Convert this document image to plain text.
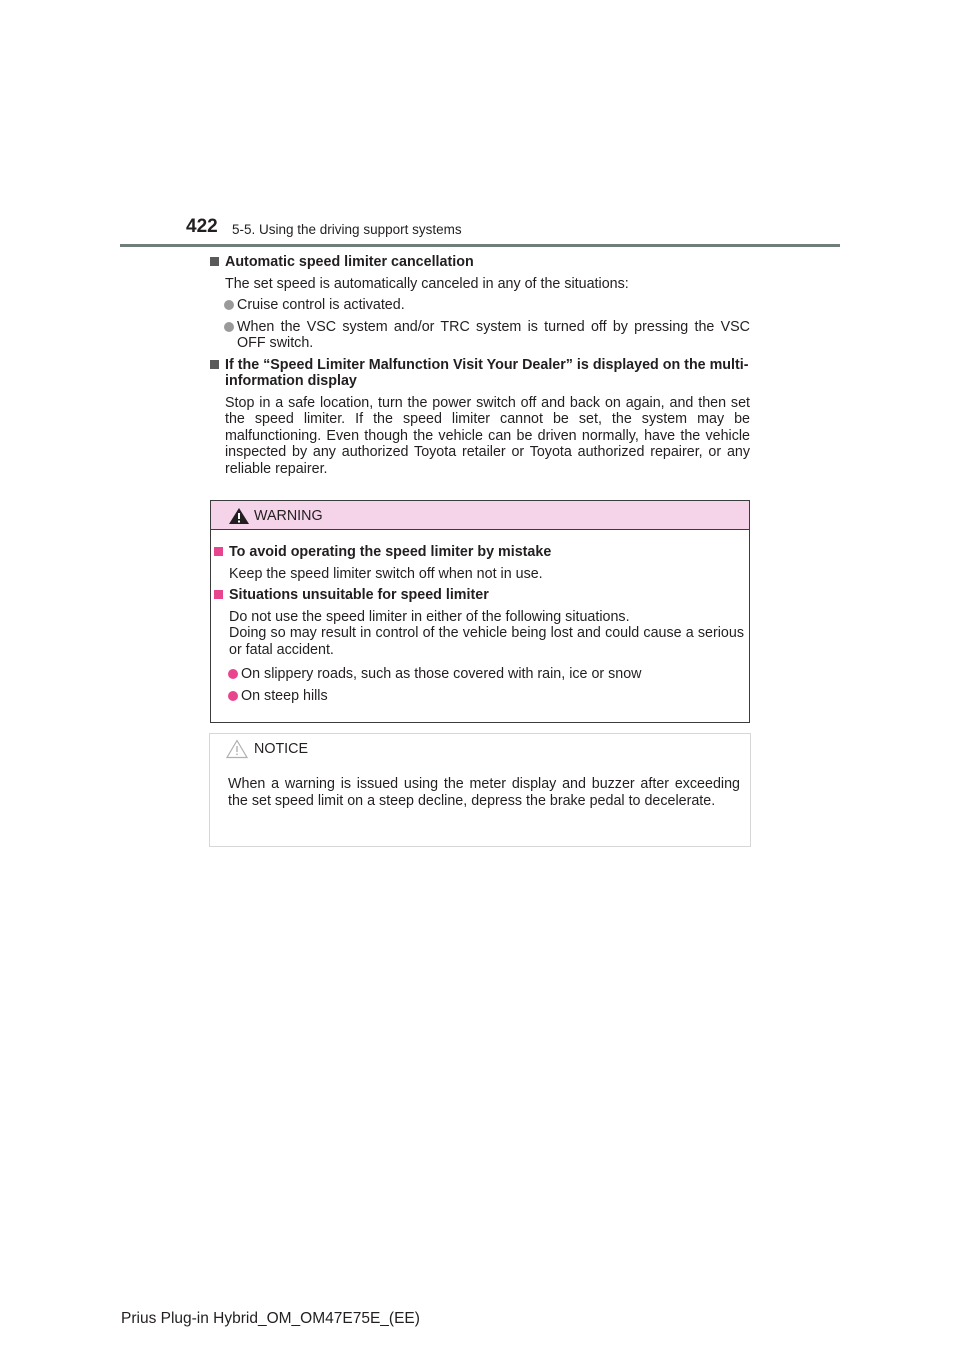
422 5-5. Using the driving support systems
Automatic speed limiter cancellation
The set speed is automatically canceled in any of the situations:
Cruise control is activated.
When the VSC system and/or TRC system is turned off by pressing the VSC OFF switch.
If the “Speed Limiter Malfunction Visit Your Dealer” is displayed on the multi-information display
Stop in a safe location, turn the power switch off and back on again, and then set the speed limiter. If the speed limiter cannot be set, the system may be malfunctioning. Even though the vehicle can be driven normally, have the vehicle inspected by any authorized Toyota retailer or Toyota authorized repairer, or any reliable repairer.
WARNING
To avoid operating the speed limiter by mistake
Keep the speed limiter switch off when not in use.
Situations unsuitable for speed limiter
Do not use the speed limiter in either of the following situations.
Doing so may result in control of the vehicle being lost and could cause a serious or fatal accident.
On slippery roads, such as those covered with rain, ice or snow
On steep hills
NOTICE
When a warning is issued using the meter display and buzzer after exceeding the set speed limit on a steep decline, depress the brake pedal to decelerate.
Prius Plug-in Hybrid_OM_OM47E75E_(EE)
